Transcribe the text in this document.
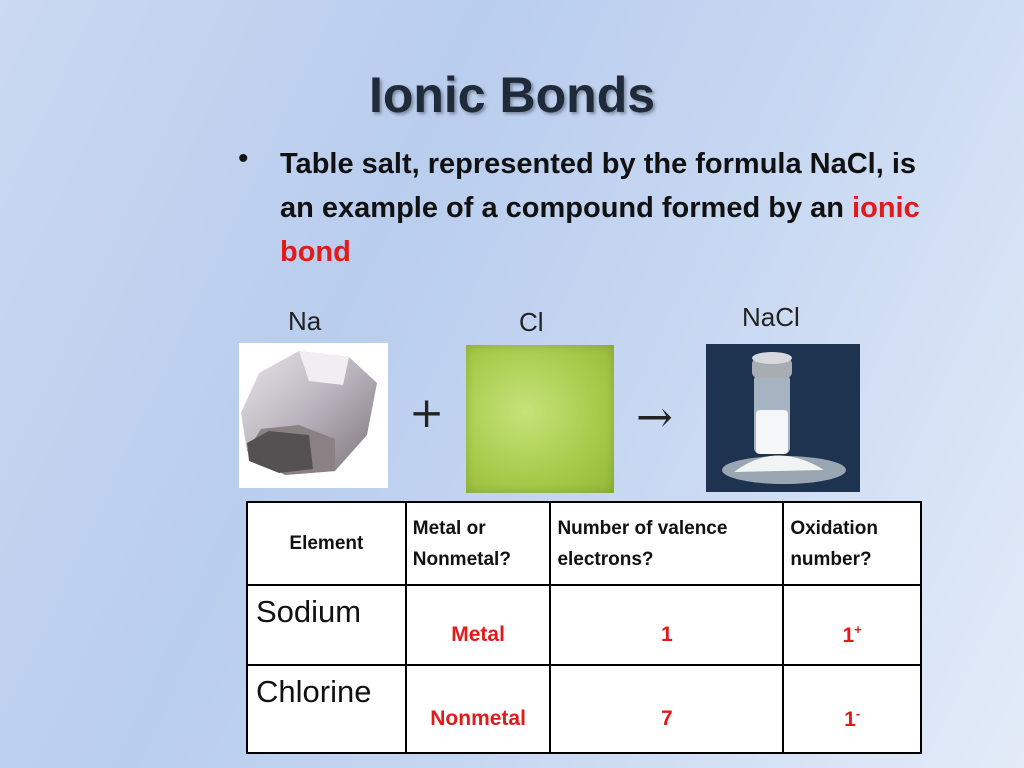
Ionic Bonds
• Table salt, represented by the formula NaCl, is an example of a compound formed by an ionic bond
Na	Cl	NaCl
+	→
Element	Metal or Nonmetal?	Number of valence electrons?	Oxidation number?
Sodium	Metal	1	1+
Chlorine	Nonmetal	7	1-
